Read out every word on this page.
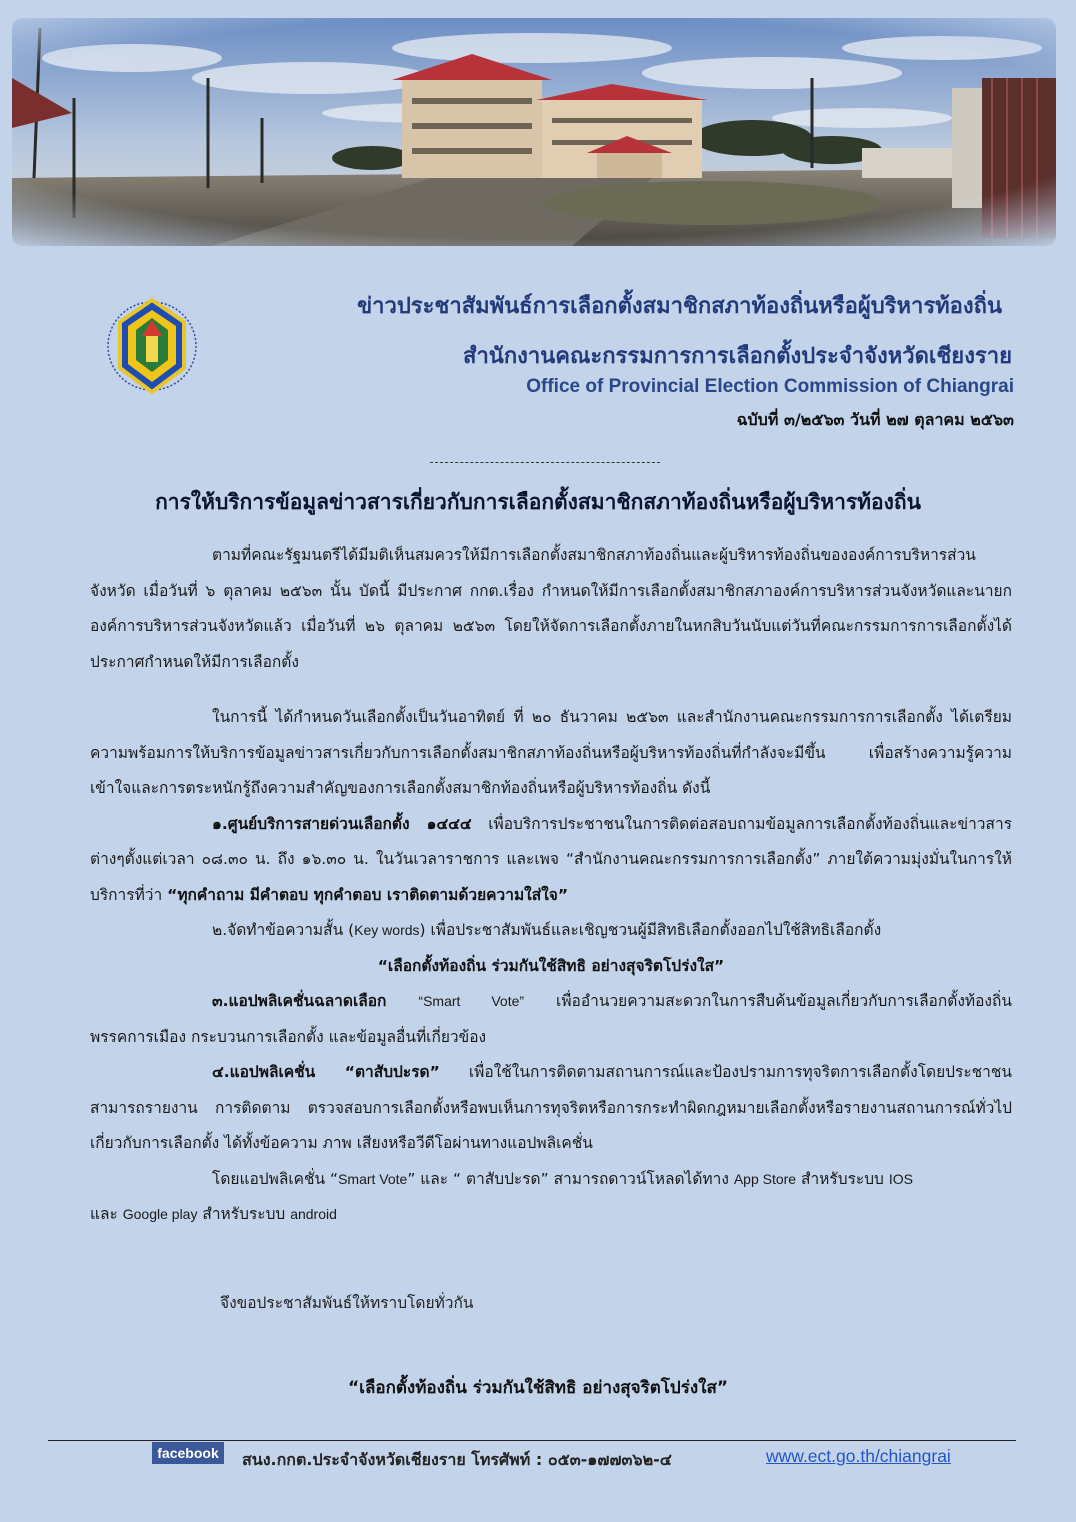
ข่าวประชาสัมพันธ์การเลือกตั้งสมาชิกสภาท้องถิ่นหรือผู้บริหารท้องถิ่น
สำนักงานคณะกรรมการการเลือกตั้งประจำจังหวัดเชียงราย
Office of Provincial Election Commission of Chiangrai
ฉบับที่ ๓/๒๕๖๓ วันที่ ๒๗ ตุลาคม ๒๕๖๓
การให้บริการข้อมูลข่าวสารเกี่ยวกับการเลือกตั้งสมาชิกสภาท้องถิ่นหรือผู้บริหารท้องถิ่น

ตามที่คณะรัฐมนตรีได้มีมติเห็นสมควรให้มีการเลือกตั้งสมาชิกสภาท้องถิ่นและผู้บริหารท้องถิ่นขององค์การบริหารส่วนจังหวัด เมื่อวันที่ ๖ ตุลาคม ๒๕๖๓ นั้น บัดนี้ มีประกาศ กกต.เรื่อง กำหนดให้มีการเลือกตั้งสมาชิกสภาองค์การบริหารส่วนจังหวัดและนายกองค์การบริหารส่วนจังหวัดแล้ว เมื่อวันที่ ๒๖ ตุลาคม ๒๕๖๓ โดยให้จัดการเลือกตั้งภายในหกสิบวันนับแต่วันที่คณะกรรมการการเลือกตั้งได้ประกาศกำหนดให้มีการเลือกตั้ง

ในการนี้ ได้กำหนดวันเลือกตั้งเป็นวันอาทิตย์ ที่ ๒๐ ธันวาคม ๒๕๖๓ และสำนักงานคณะกรรมการการเลือกตั้ง ได้เตรียมความพร้อมการให้บริการข้อมูลข่าวสารเกี่ยวกับการเลือกตั้งสมาชิกสภาท้องถิ่นหรือผู้บริหารท้องถิ่นที่กำลังจะมีขึ้น เพื่อสร้างความรู้ความเข้าใจและการตระหนักรู้ถึงความสำคัญของการเลือกตั้งสมาชิกท้องถิ่นหรือผู้บริหารท้องถิ่น ดังนี้

๑.ศูนย์บริการสายด่วนเลือกตั้ง ๑๔๔๔ เพื่อบริการประชาชนในการติดต่อสอบถามข้อมูลการเลือกตั้งท้องถิ่นและข่าวสารต่างๆตั้งแต่เวลา ๐๘.๓๐ น. ถึง ๑๖.๓๐ น. ในวันเวลาราชการ และเพจ “สำนักงานคณะกรรมการการเลือกตั้ง” ภายใต้ความมุ่งมั่นในการให้บริการที่ว่า “ทุกคำถาม มีคำตอบ ทุกคำตอบ เราติดตามด้วยความใส่ใจ”

๒.จัดทำข้อความสั้น (Key words) เพื่อประชาสัมพันธ์และเชิญชวนผู้มีสิทธิเลือกตั้งออกไปใช้สิทธิเลือกตั้ง

“เลือกตั้งท้องถิ่น ร่วมกันใช้สิทธิ อย่างสุจริตโปร่งใส”

๓.แอปพลิเคชั่นฉลาดเลือก “Smart Vote” เพื่ออำนวยความสะดวกในการสืบค้นข้อมูลเกี่ยวกับการเลือกตั้งท้องถิ่น พรรคการเมือง กระบวนการเลือกตั้ง และข้อมูลอื่นที่เกี่ยวข้อง

๔.แอปพลิเคชั่น “ตาสับปะรด” เพื่อใช้ในการติดตามสถานการณ์และป้องปรามการทุจริตการเลือกตั้งโดยประชาชนสามารถรายงาน การติดตาม ตรวจสอบการเลือกตั้งหรือพบเห็นการทุจริตหรือการกระทำผิดกฎหมายเลือกตั้งหรือรายงานสถานการณ์ทั่วไปเกี่ยวกับการเลือกตั้ง ได้ทั้งข้อความ ภาพ เสียงหรือวีดีโอผ่านทางแอปพลิเคชั่น

โดยแอปพลิเคชั่น “Smart Vote” และ “ ตาสับปะรด” สามารถดาวน์โหลดได้ทาง App Store สำหรับระบบ IOS

และ Google play สำหรับระบบ android

จึงขอประชาสัมพันธ์ให้ทราบโดยทั่วกัน
“เลือกตั้งท้องถิ่น ร่วมกันใช้สิทธิ อย่างสุจริตโปร่งใส”
facebook	สนง.กกต.ประจำจังหวัดเชียงราย โทรศัพท์ : ๐๕๓-๑๗๗๓๖๒-๔	www.ect.go.th/chiangrai
